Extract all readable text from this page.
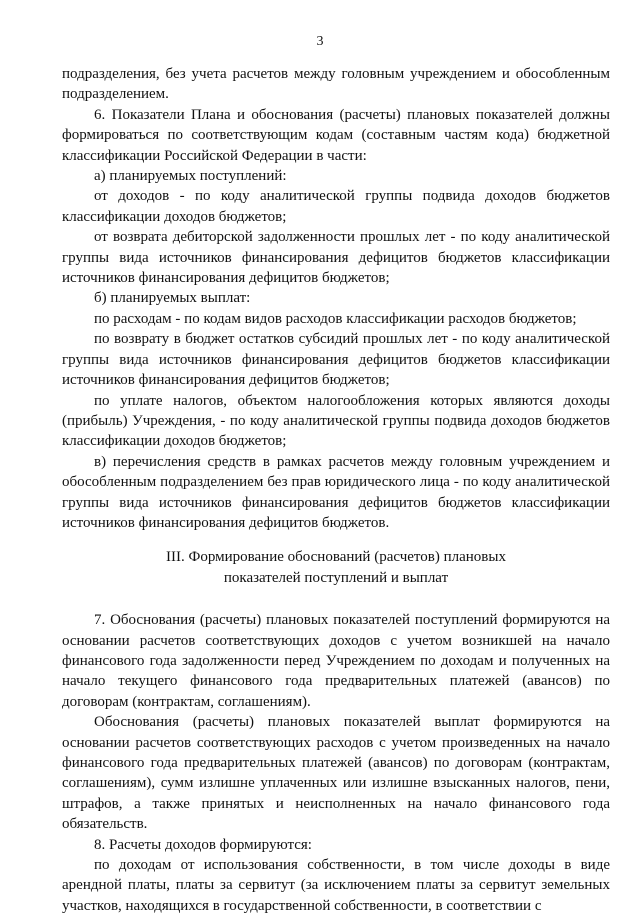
3

подразделения, без учета расчетов между головным учреждением и обособленным подразделением.

6. Показатели Плана и обоснования (расчеты) плановых показателей должны формироваться по соответствующим кодам (составным частям кода) бюджетной классификации Российской Федерации в части:

а) планируемых поступлений:

от доходов - по коду аналитической группы подвида доходов бюджетов классификации доходов бюджетов;

от возврата дебиторской задолженности прошлых лет - по коду аналитической группы вида источников финансирования дефицитов бюджетов классификации источников финансирования дефицитов бюджетов;

б) планируемых выплат:

по расходам - по кодам видов расходов классификации расходов бюджетов;

по возврату в бюджет остатков субсидий прошлых лет - по коду аналитической группы вида источников финансирования дефицитов бюджетов классификации источников финансирования дефицитов бюджетов;

по уплате налогов, объектом налогообложения которых являются доходы (прибыль) Учреждения, - по коду аналитической группы подвида доходов бюджетов классификации доходов бюджетов;

в) перечисления средств в рамках расчетов между головным учреждением и обособленным подразделением без прав юридического лица - по коду аналитической группы вида источников финансирования дефицитов бюджетов классификации источников финансирования дефицитов бюджетов.

III. Формирование обоснований (расчетов) плановых
показателей поступлений и выплат

7. Обоснования (расчеты) плановых показателей поступлений формируются на основании расчетов соответствующих доходов с учетом возникшей на начало финансового года задолженности перед Учреждением по доходам и полученных на начало текущего финансового года предварительных платежей (авансов) по договорам (контрактам, соглашениям).

Обоснования (расчеты) плановых показателей выплат формируются на основании расчетов соответствующих расходов с учетом произведенных на начало финансового года предварительных платежей (авансов) по договорам (контрактам, соглашениям), сумм излишне уплаченных или излишне взысканных налогов, пени, штрафов, а также принятых и неисполненных на начало финансового года обязательств.

8. Расчеты доходов формируются:

по доходам от использования собственности, в том числе доходы в виде арендной платы, платы за сервитут (за исключением платы за сервитут земельных участков, находящихся в государственной собственности, в соответствии с
